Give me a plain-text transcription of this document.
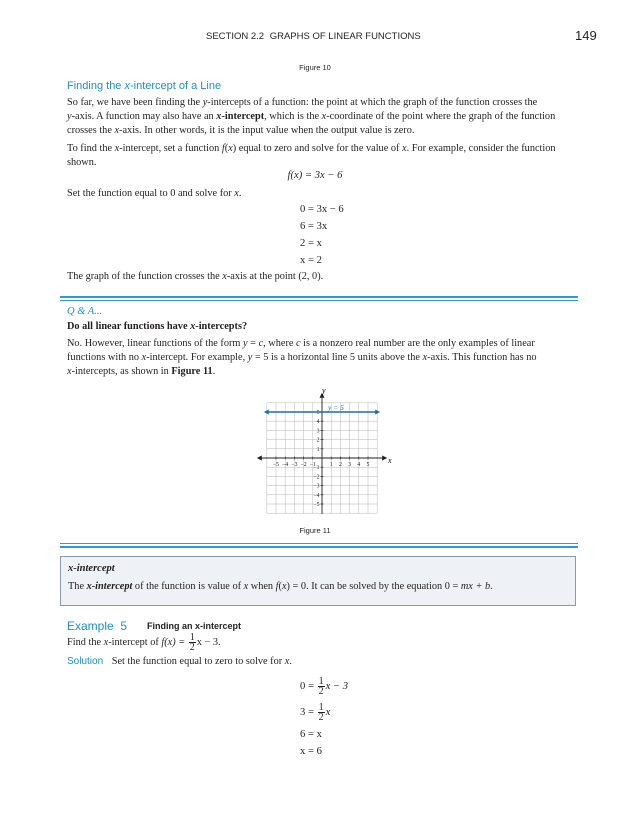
SECTION 2.2 GRAPHS OF LINEAR FUNCTIONS	149
Figure 10
Finding the x-intercept of a Line
So far, we have been finding the y-intercepts of a function: the point at which the graph of the function crosses the
y-axis. A function may also have an x-intercept, which is the x-coordinate of the point where the graph of the function
crosses the x-axis. In other words, it is the input value when the output value is zero.
To find the x-intercept, set a function f(x) equal to zero and solve for the value of x. For example, consider the function
shown.
f(x) = 3x − 6
Set the function equal to 0 and solve for x.
0 = 3x − 6
6 = 3x
2 = x
x = 2
The graph of the function crosses the x-axis at the point (2, 0).
Q & A...
Do all linear functions have x-intercepts?
No. However, linear functions of the form y = c, where c is a nonzero real number are the only examples of linear
functions with no x-intercept. For example, y = 5 is a horizontal line 5 units above the x-axis. This function has no
x-intercepts, as shown in Figure 11.
−5 −4 −3 −2 −1 1 2 3 4 5
5
4
3
2
1
−1
−2
−3
−4
−5
y
x
y = 5
Figure 11
x-intercept
The x-intercept of the function is value of x when f(x) = 0. It can be solved by the equation 0 = mx + b.
Example  5 Finding an x-intercept
Find the x-intercept of $f(x) = \frac{1}{2}$ x − 3.
Solution Set the function equal to zero to solve for x.
$0 = \frac{1}{2}$ x − 3
$3 = \frac{1}{2}$ x
6 = x
x = 6
